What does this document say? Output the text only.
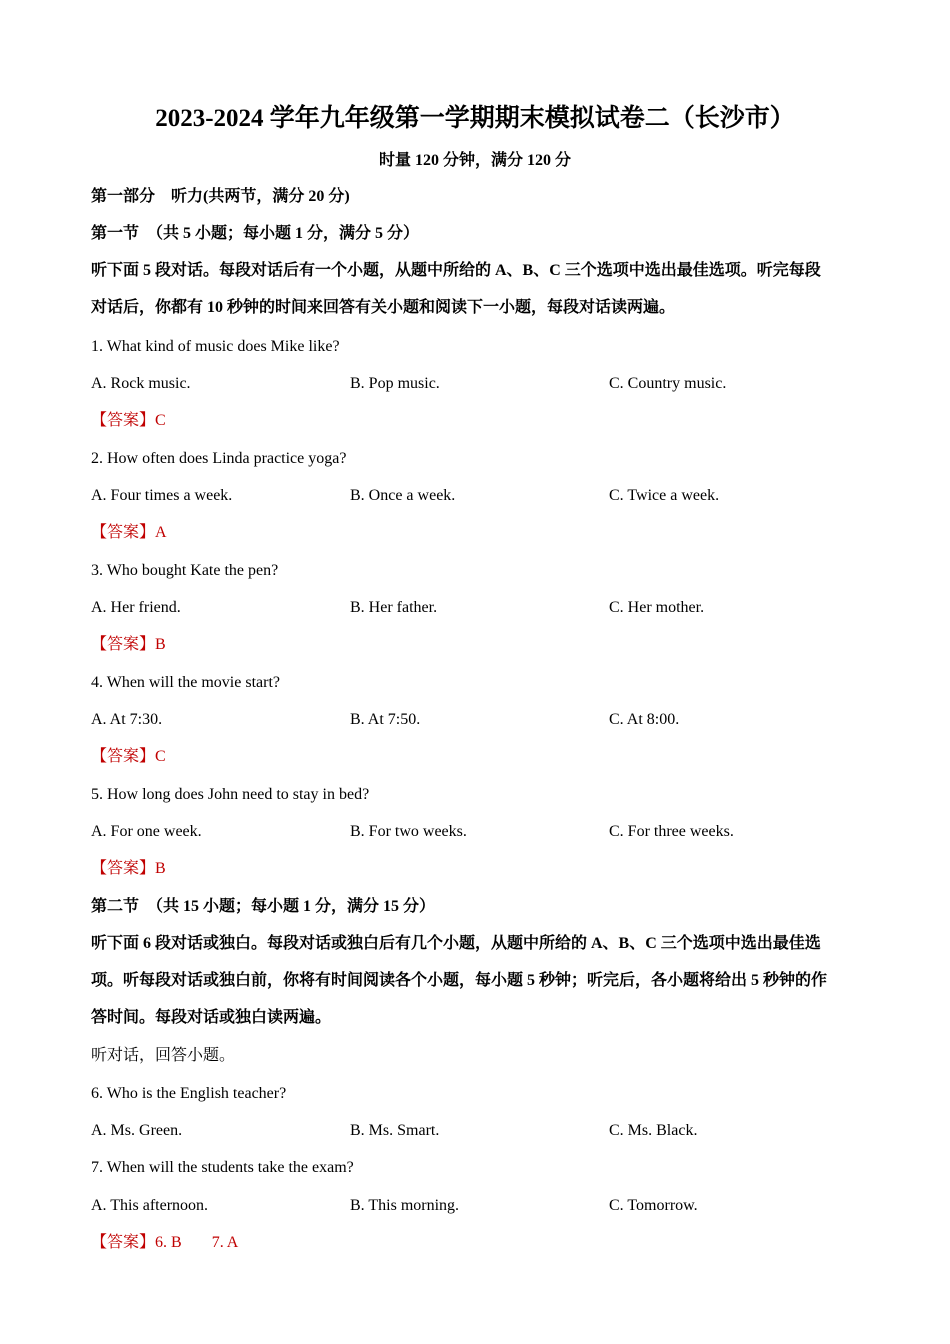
2023-2024 学年九年级第一学期期末模拟试卷二（长沙市）
时量 120 分钟，满分 120 分
第一部分　听力(共两节，满分 20 分)
第一节　（共 5 小题；每小题 1 分，满分 5 分）
听下面 5 段对话。每段对话后有一个小题，从题中所给的 A、B、C 三个选项中选出最佳选项。听完每段
对话后，你都有 10 秒钟的时间来回答有关小题和阅读下一小题，每段对话读两遍。
1. What kind of music does Mike like?
A. Rock music.	B. Pop music.	C. Country music.
【答案】C
2. How often does Linda practice yoga?
A. Four times a week.	B. Once a week.	C. Twice a week.
【答案】A
3. Who bought Kate the pen?
A. Her friend.	B. Her father.	C. Her mother.
【答案】B
4. When will the movie start?
A. At 7:30.	B. At 7:50.	C. At 8:00.
【答案】C
5. How long does John need to stay in bed?
A. For one week.	B. For two weeks.	C. For three weeks.
【答案】B
第二节　（共 15 小题；每小题 1 分，满分 15 分）
听下面 6 段对话或独白。每段对话或独白后有几个小题，从题中所给的 A、B、C 三个选项中选出最佳选
项。听每段对话或独白前，你将有时间阅读各个小题，每小题 5 秒钟；听完后，各小题将给出 5 秒钟的作
答时间。每段对话或独白读两遍。
听对话，回答小题。
6. Who is the English teacher?
A. Ms. Green.	B. Ms. Smart.	C. Ms. Black.
7. When will the students take the exam?
A. This afternoon.	B. This morning.	C. Tomorrow.
【答案】6. B 7. A
